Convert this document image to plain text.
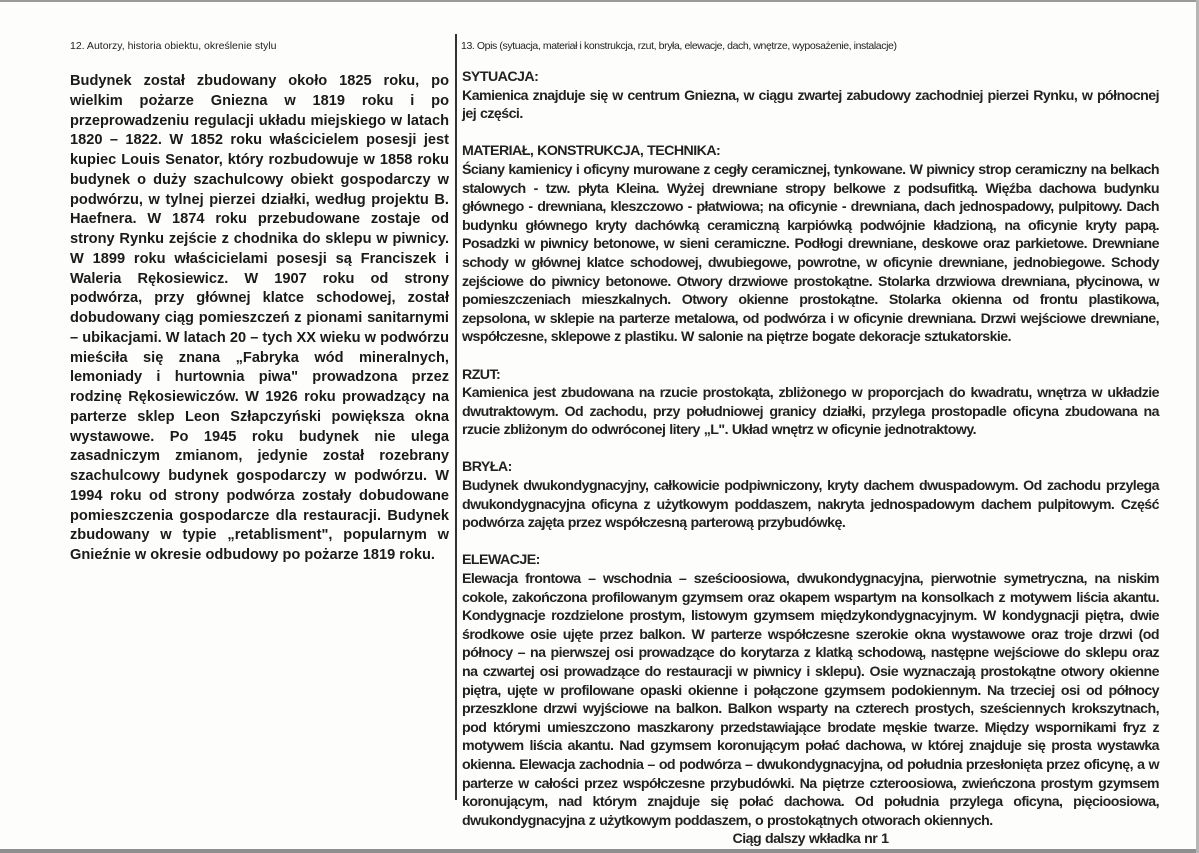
12. Autorzy, historia obiektu, określenie stylu	13. Opis (sytuacja, materiał i konstrukcja, rzut, bryła, elewacje, dach, wnętrze, wyposażenie, instalacje)
Budynek został zbudowany około 1825 roku, po wielkim pożarze Gniezna w 1819 roku i po przeprowadzeniu regulacji układu miejskiego w latach 1820 – 1822. W 1852 roku właścicielem posesji jest kupiec Louis Senator, który rozbudowuje w 1858 roku budynek o duży szachulcowy obiekt gospodarczy w podwórzu, w tylnej pierzei działki, według projektu B. Haefnera. W 1874 roku przebudowane zostaje od strony Rynku zejście z chodnika do sklepu w piwnicy. W 1899 roku właścicielami posesji są Franciszek i Waleria Rękosiewicz. W 1907 roku od strony podwórza, przy głównej klatce schodowej, został dobudowany ciąg pomieszczeń z pionami sanitarnymi – ubikacjami. W latach 20 – tych XX wieku w podwórzu mieściła się znana „Fabryka wód mineralnych, lemoniady i hurtownia piwa" prowadzona przez rodzinę Rękosiewiczów. W 1926 roku prowadzący na parterze sklep Leon Szłapczyński powiększa okna wystawowe. Po 1945 roku budynek nie ulega zasadniczym zmianom, jedynie został rozebrany szachulcowy budynek gospodarczy w podwórzu. W 1994 roku od strony podwórza zostały dobudowane pomieszczenia gospodarcze dla restauracji. Budynek zbudowany w typie „retablisment", popularnym w Gnieźnie w okresie odbudowy po pożarze 1819 roku.
SYTUACJA:

Kamienica znajduje się w centrum Gniezna, w ciągu zwartej zabudowy zachodniej pierzei Rynku, w północnej jej części.

MATERIAŁ, KONSTRUKCJA, TECHNIKA:

Ściany kamienicy i oficyny murowane z cegły ceramicznej, tynkowane. W piwnicy strop ceramiczny na belkach stalowych - tzw. płyta Kleina. Wyżej drewniane stropy belkowe z podsufitką. Więźba dachowa budynku głównego - drewniana, kleszczowo - płatwiowa; na oficynie - drewniana, dach jednospadowy, pulpitowy. Dach budynku głównego kryty dachówką ceramiczną karpiówką podwójnie kładzioną, na oficynie kryty papą. Posadzki w piwnicy betonowe, w sieni ceramiczne. Podłogi drewniane, deskowe oraz parkietowe. Drewniane schody w głównej klatce schodowej, dwubiegowe, powrotne, w oficynie drewniane, jednobiegowe. Schody zejściowe do piwnicy betonowe. Otwory drzwiowe prostokątne. Stolarka drzwiowa drewniana, płycinowa, w pomieszczeniach mieszkalnych. Otwory okienne prostokątne. Stolarka okienna od frontu plastikowa, zepsolona, w sklepie na parterze metalowa, od podwórza i w oficynie drewniana. Drzwi wejściowe drewniane, współczesne, sklepowe z plastiku. W salonie na piętrze bogate dekoracje sztukatorskie.

RZUT:

Kamienica jest zbudowana na rzucie prostokąta, zbliżonego w proporcjach do kwadratu, wnętrza w układzie dwutraktowym. Od zachodu, przy południowej granicy działki, przylega prostopadle oficyna zbudowana na rzucie zbliżonym do odwróconej litery „L". Układ wnętrz w oficynie jednotraktowy.

BRYŁA:

Budynek dwukondygnacyjny, całkowicie podpiwniczony, kryty dachem dwuspadowym. Od zachodu przylega dwukondygnacyjna oficyna z użytkowym poddaszem, nakryta jednospadowym dachem pulpitowym. Część podwórza zajęta przez współczesną parterową przybudówkę.

ELEWACJE:

Elewacja frontowa – wschodnia – sześcioosiowa, dwukondygnacyjna, pierwotnie symetryczna, na niskim cokole, zakończona profilowanym gzymsem oraz okapem wspartym na konsolkach z motywem liścia akantu. Kondygnacje rozdzielone prostym, listowym gzymsem międzykondygnacyjnym. W kondygnacji piętra, dwie środkowe osie ujęte przez balkon. W parterze współczesne szerokie okna wystawowe oraz troje drzwi (od północy – na pierwszej osi prowadzące do korytarza z klatką schodową, następne wejściowe do sklepu oraz na czwartej osi prowadzące do restauracji w piwnicy i sklepu). Osie wyznaczają prostokątne otwory okienne piętra, ujęte w profilowane opaski okienne i połączone gzymsem podokiennym. Na trzeciej osi od północy przeszklone drzwi wyjściowe na balkon. Balkon wsparty na czterech prostych, sześciennych krokszytnach, pod którymi umieszczono maszkarony przedstawiające brodate męskie twarze. Między wspornikami fryz z motywem liścia akantu. Nad gzymsem koronującym połać dachowa, w której znajduje się prosta wystawka okienna. Elewacja zachodnia – od podwórza – dwukondygnacyjna, od południa przesłonięta przez oficynę, a w parterze w całości przez współczesne przybudówki. Na piętrze czteroosiowa, zwieńczona prostym gzymsem koronującym, nad którym znajduje się połać dachowa. Od południa przylega oficyna, pięcioosiowa, dwukondygnacyjna z użytkowym poddaszem, o prostokątnych otworach okiennych.

Ciąg dalszy wkładka nr 1
